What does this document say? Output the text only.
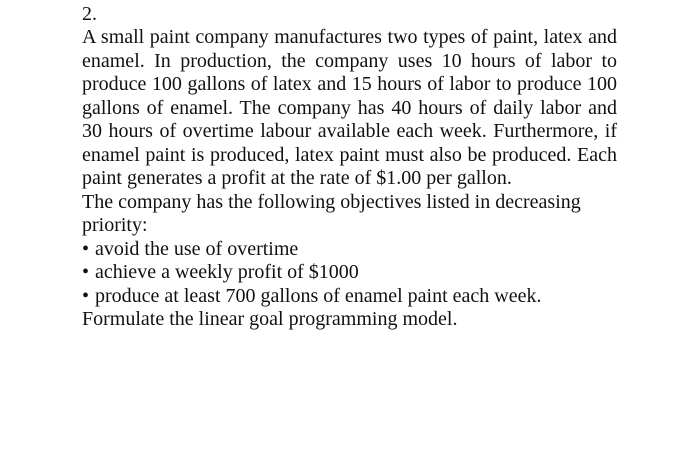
2.

A small paint company manufactures two types of paint, latex and enamel. In production, the company uses 10 hours of labor to produce 100 gallons of latex and 15 hours of labor to produce 100 gallons of enamel. The company has 40 hours of daily labor and 30 hours of overtime labour available each week. Furthermore, if enamel paint is produced, latex paint must also be produced. Each paint generates a profit at the rate of $1.00 per gallon.

The company has the following objectives listed in decreasing priority:

• avoid the use of overtime
• achieve a weekly profit of $1000
• produce at least 700 gallons of enamel paint each week.

Formulate the linear goal programming model.
